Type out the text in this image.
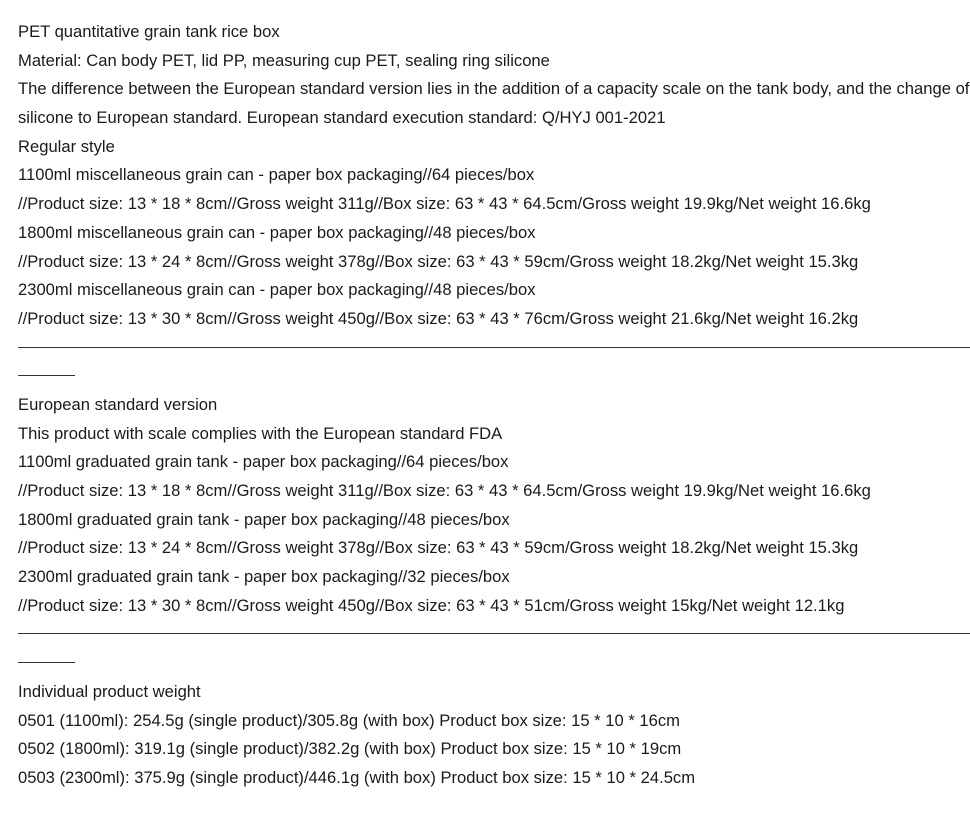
PET quantitative grain tank rice box
Material: Can body PET, lid PP, measuring cup PET, sealing ring silicone
The difference between the European standard version lies in the addition of a capacity scale on the tank body, and the change of silicone to European standard. European standard execution standard: Q/HYJ 001-2021
Regular style
1100ml miscellaneous grain can - paper box packaging//64 pieces/box
//Product size: 13 * 18 * 8cm//Gross weight 311g//Box size: 63 * 43 * 64.5cm/Gross weight 19.9kg/Net weight 16.6kg
1800ml miscellaneous grain can - paper box packaging//48 pieces/box
//Product size: 13 * 24 * 8cm//Gross weight 378g//Box size: 63 * 43 * 59cm/Gross weight 18.2kg/Net weight 15.3kg
2300ml miscellaneous grain can - paper box packaging//48 pieces/box
//Product size: 13 * 30 * 8cm//Gross weight 450g//Box size: 63 * 43 * 76cm/Gross weight 21.6kg/Net weight 16.2kg
European standard version
This product with scale complies with the European standard FDA
1100ml graduated grain tank - paper box packaging//64 pieces/box
//Product size: 13 * 18 * 8cm//Gross weight 311g//Box size: 63 * 43 * 64.5cm/Gross weight 19.9kg/Net weight 16.6kg
1800ml graduated grain tank - paper box packaging//48 pieces/box
//Product size: 13 * 24 * 8cm//Gross weight 378g//Box size: 63 * 43 * 59cm/Gross weight 18.2kg/Net weight 15.3kg
2300ml graduated grain tank - paper box packaging//32 pieces/box
//Product size: 13 * 30 * 8cm//Gross weight 450g//Box size: 63 * 43 * 51cm/Gross weight 15kg/Net weight 12.1kg
Individual product weight
0501 (1100ml): 254.5g (single product)/305.8g (with box) Product box size: 15 * 10 * 16cm
0502 (1800ml): 319.1g (single product)/382.2g (with box) Product box size: 15 * 10 * 19cm
0503 (2300ml): 375.9g (single product)/446.1g (with box) Product box size: 15 * 10 * 24.5cm
